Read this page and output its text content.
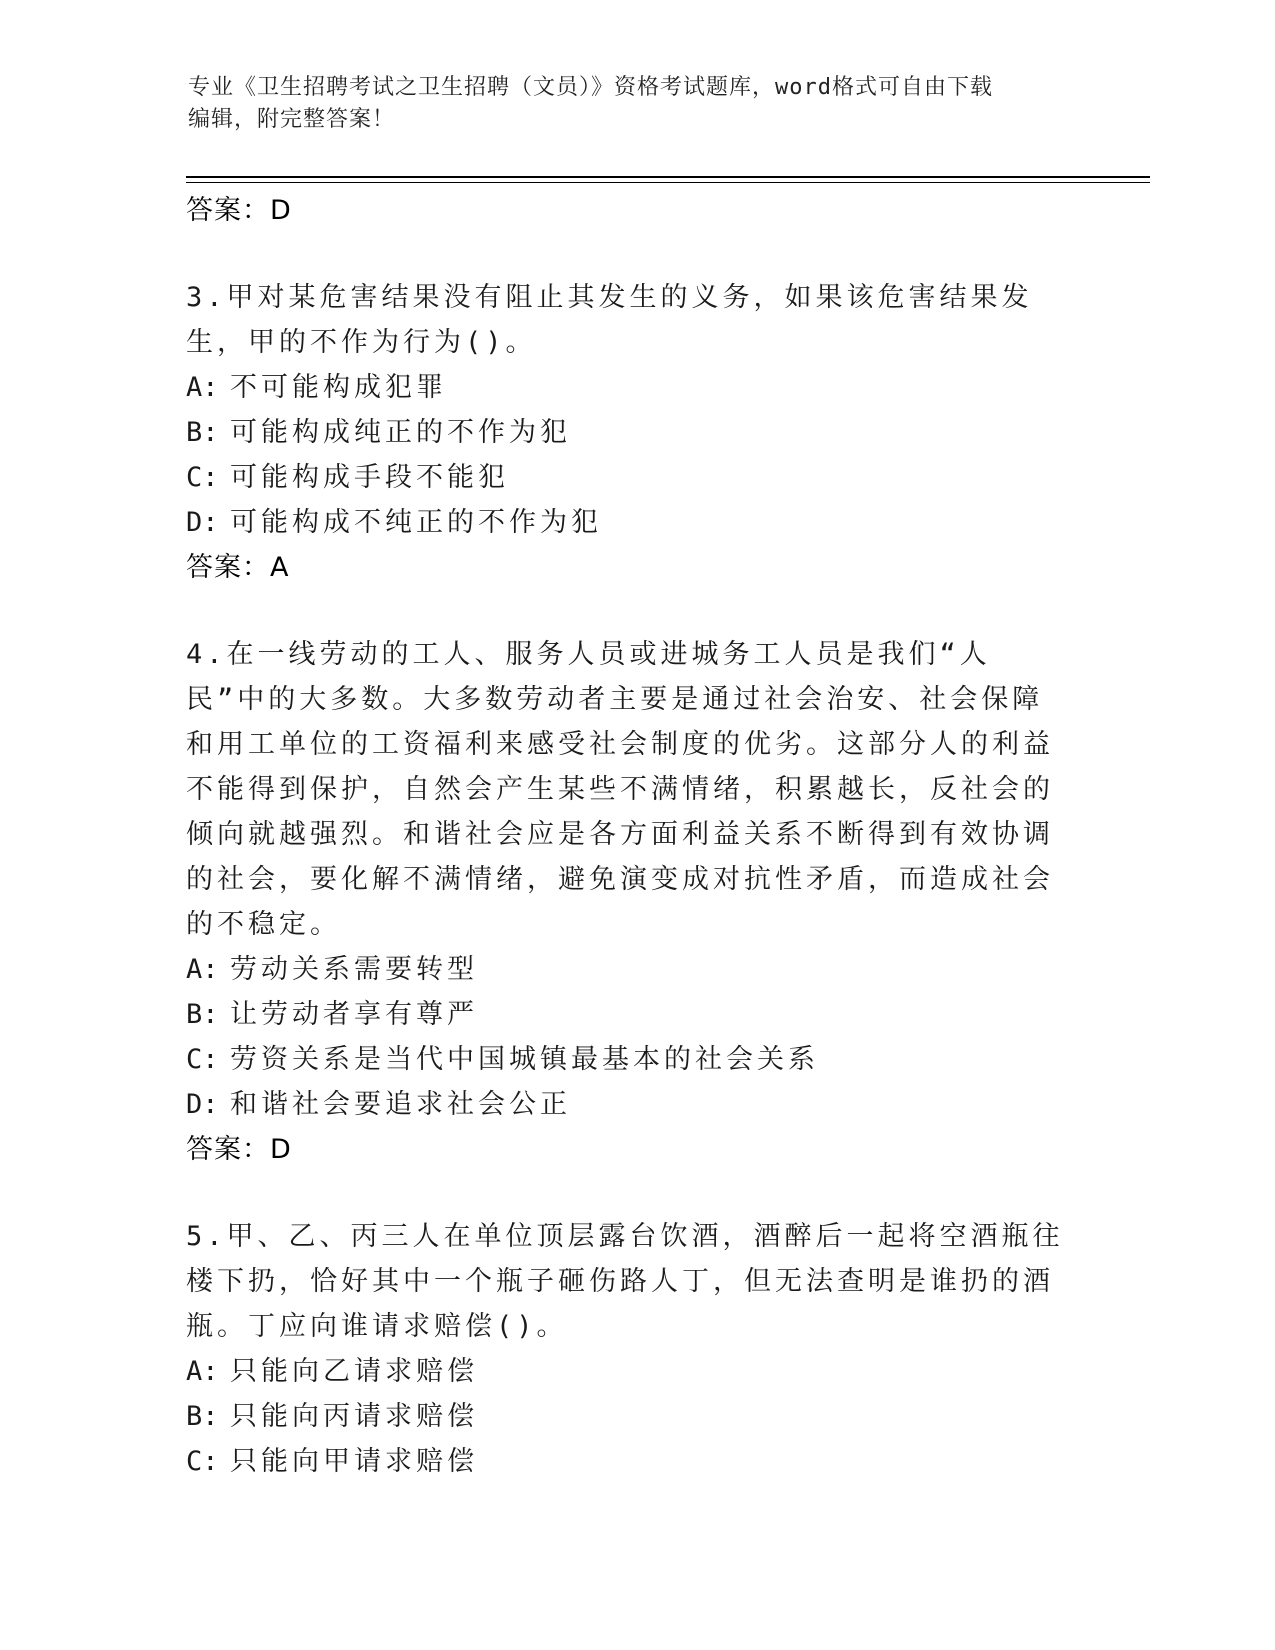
专业《卫生招聘考试之卫生招聘（文员）》资格考试题库，word格式可自由下载
编辑，附完整答案！
答案：D

3.甲对某危害结果没有阻止其发生的义务，如果该危害结果发生，甲的不作为行为()。

A: 不可能构成犯罪
B: 可能构成纯正的不作为犯
C: 可能构成手段不能犯
D: 可能构成不纯正的不作为犯
答案：A

4.在一线劳动的工人、服务人员或进城务工人员是我们“人民”中的大多数。大多数劳动者主要是通过社会治安、社会保障和用工单位的工资福利来感受社会制度的优劣。这部分人的利益不能得到保护，自然会产生某些不满情绪，积累越长，反社会的倾向就越强烈。和谐社会应是各方面利益关系不断得到有效协调的社会，要化解不满情绪，避免演变成对抗性矛盾，而造成社会的不稳定。

A: 劳动关系需要转型
B: 让劳动者享有尊严
C: 劳资关系是当代中国城镇最基本的社会关系
D: 和谐社会要追求社会公正
答案：D

5.甲、乙、丙三人在单位顶层露台饮酒，酒醉后一起将空酒瓶往楼下扔，恰好其中一个瓶子砸伤路人丁，但无法查明是谁扔的酒瓶。丁应向谁请求赔偿()。

A: 只能向乙请求赔偿
B: 只能向丙请求赔偿
C: 只能向甲请求赔偿
